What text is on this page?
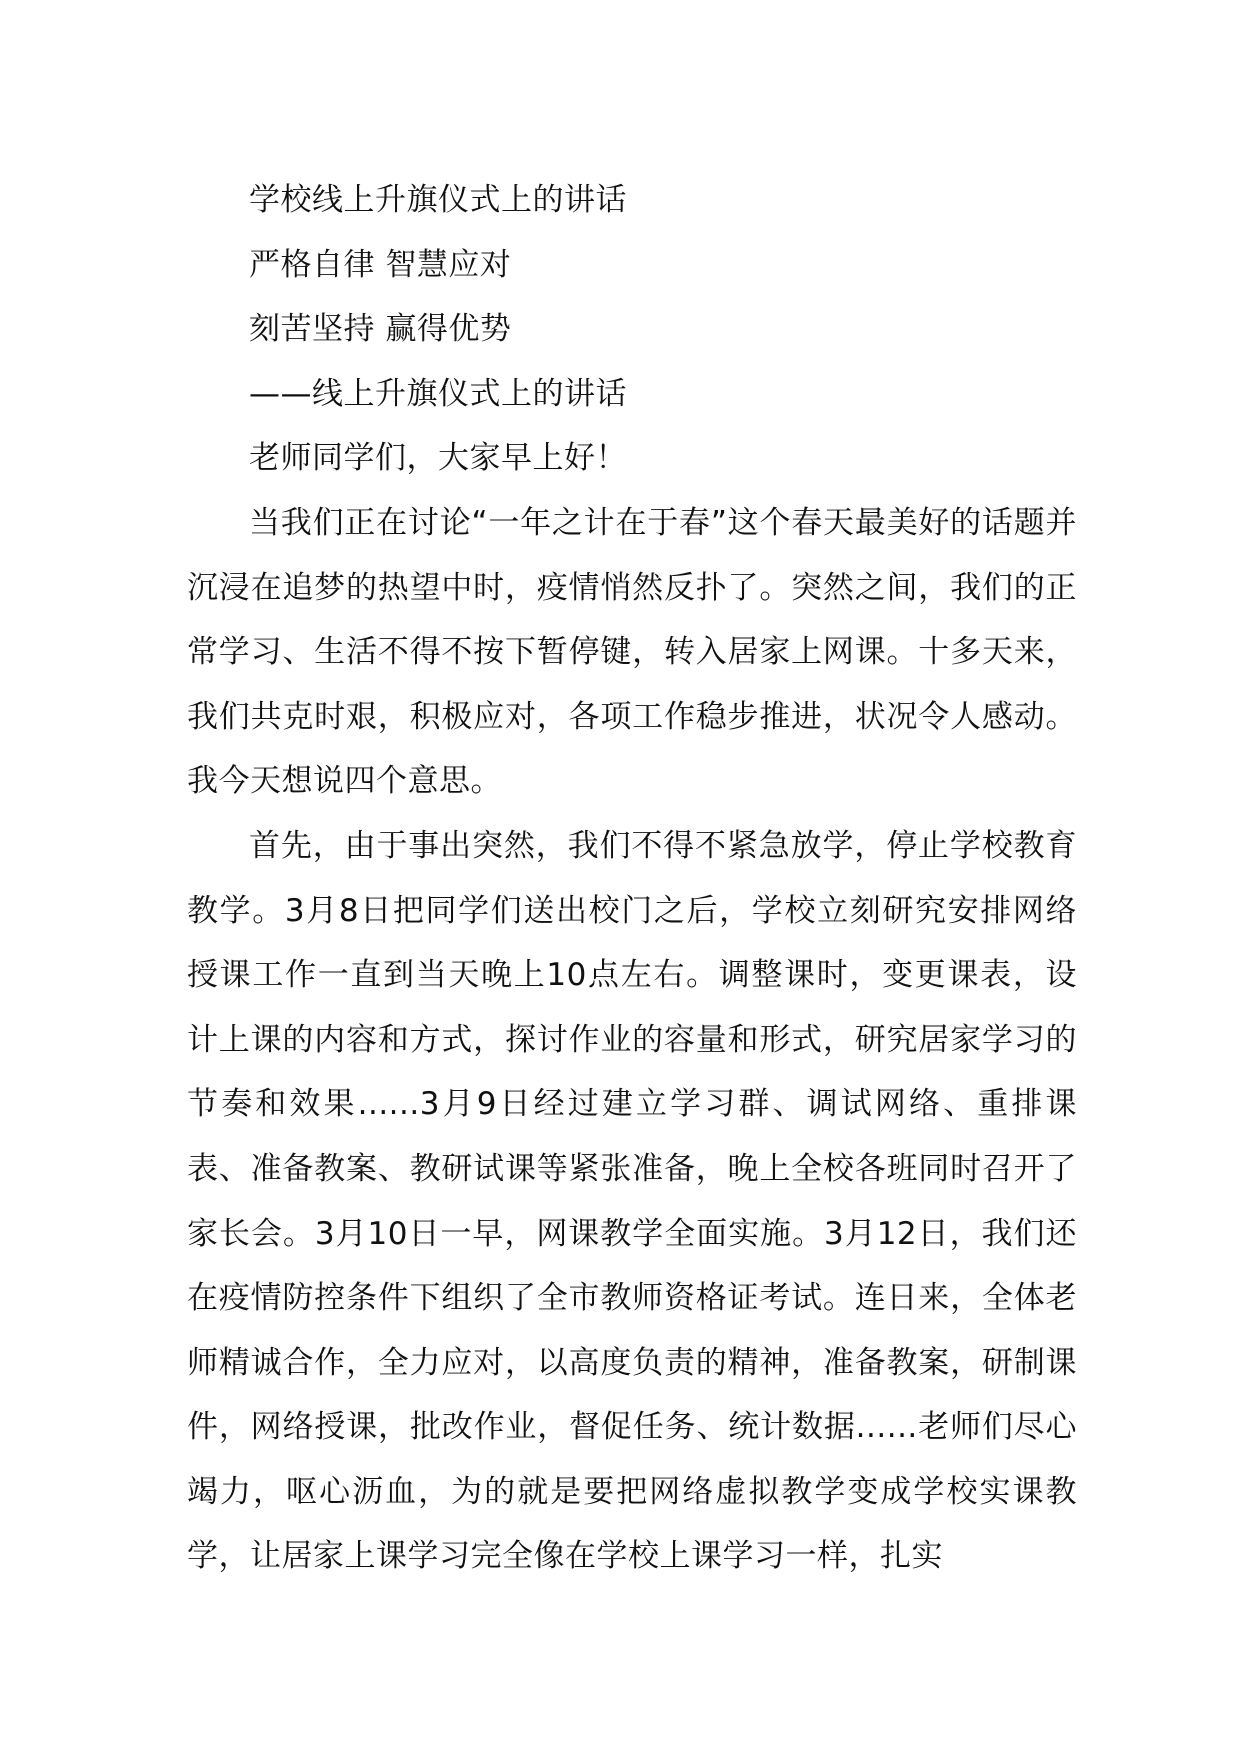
学校线上升旗仪式上的讲话

严格自律 智慧应对

刻苦坚持 赢得优势

——线上升旗仪式上的讲话

老师同学们，大家早上好！

当我们正在讨论“一年之计在于春”这个春天最美好的话题并沉浸在追梦的热望中时，疫情悄然反扑了。突然之间，我们的正常学习、生活不得不按下暂停键，转入居家上网课。十多天来，我们共克时艰，积极应对，各项工作稳步推进，状况令人感动。我今天想说四个意思。

首先，由于事出突然，我们不得不紧急放学，停止学校教育教学。3月8日把同学们送出校门之后，学校立刻研究安排网络授课工作一直到当天晚上10点左右。调整课时，变更课表，设计上课的内容和方式，探讨作业的容量和形式，研究居家学习的节奏和效果......3月9日经过建立学习群、调试网络、重排课表、准备教案、教研试课等紧张准备，晚上全校各班同时召开了家长会。3月10日一早，网课教学全面实施。3月12日，我们还在疫情防控条件下组织了全市教师资格证考试。连日来，全体老师精诚合作，全力应对，以高度负责的精神，准备教案，研制课件，网络授课，批改作业，督促任务、统计数据......老师们尽心竭力，呕心沥血，为的就是要把网络虚拟教学变成学校实课教学，让居家上课学习完全像在学校上课学习一样，扎实
